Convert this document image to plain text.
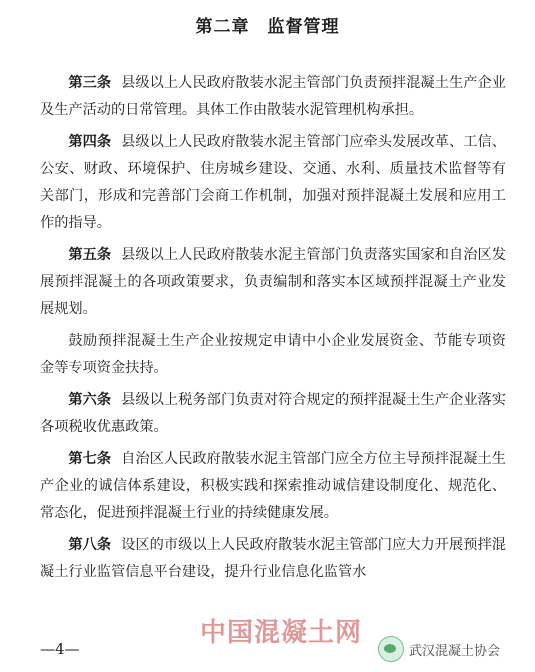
第二章 监督管理

第三条 县级以上人民政府散装水泥主管部门负责预拌混凝土生产企业及生产活动的日常管理。具体工作由散装水泥管理机构承担。

第四条 县级以上人民政府散装水泥主管部门应牵头发展改革、工信、公安、财政、环境保护、住房城乡建设、交通、水利、质量技术监督等有关部门，形成和完善部门会商工作机制，加强对预拌混凝土发展和应用工作的指导。

第五条 县级以上人民政府散装水泥主管部门负责落实国家和自治区发展预拌混凝土的各项政策要求，负责编制和落实本区域预拌混凝土产业发展规划。

鼓励预拌混凝土生产企业按规定申请中小企业发展资金、节能专项资金等专项资金扶持。

第六条 县级以上税务部门负责对符合规定的预拌混凝土生产企业落实各项税收优惠政策。

第七条 自治区人民政府散装水泥主管部门应全方位主导预拌混凝土生产企业的诚信体系建设，积极实践和探索推动诚信建设制度化、规范化、常态化，促进预拌混凝土行业的持续健康发展。

第八条 设区的市级以上人民政府散装水泥主管部门应大力开展预拌混凝土行业监管信息平台建设，提升行业信息化监管水

中国混凝土网
—4—	武汉混凝土协会
